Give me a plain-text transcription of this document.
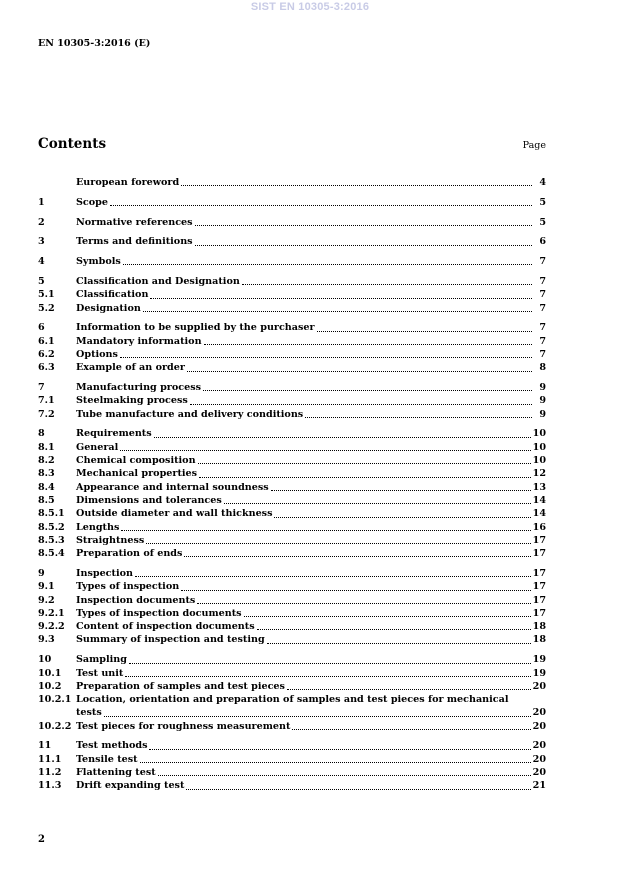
SIST EN 10305-3:2016
EN 10305-3:2016 (E)
Contents	Page
European foreword	4
1	Scope	5
2	Normative references	5
3	Terms and definitions	6
4	Symbols	7
5	Classification and Designation	7
5.1	Classification	7
5.2	Designation	7
6	Information to be supplied by the purchaser	7
6.1	Mandatory information	7
6.2	Options	7
6.3	Example of an order	8
7	Manufacturing process	9
7.1	Steelmaking process	9
7.2	Tube manufacture and delivery conditions	9
8	Requirements	10
8.1	General	10
8.2	Chemical composition	10
8.3	Mechanical properties	12
8.4	Appearance and internal soundness	13
8.5	Dimensions and tolerances	14
8.5.1	Outside diameter and wall thickness	14
8.5.2	Lengths	16
8.5.3	Straightness	17
8.5.4	Preparation of ends	17
9	Inspection	17
9.1	Types of inspection	17
9.2	Inspection documents	17
9.2.1	Types of inspection documents	17
9.2.2	Content of inspection documents	18
9.3	Summary of inspection and testing	18
10	Sampling	19
10.1	Test unit	19
10.2	Preparation of samples and test pieces	20
10.2.1 Location, orientation and preparation of samples and test pieces for mechanical
tests	20
10.2.2 Test pieces for roughness measurement	20
11	Test methods	20
11.1	Tensile test	20
11.2	Flattening test	20
11.3	Drift expanding test	21
2
